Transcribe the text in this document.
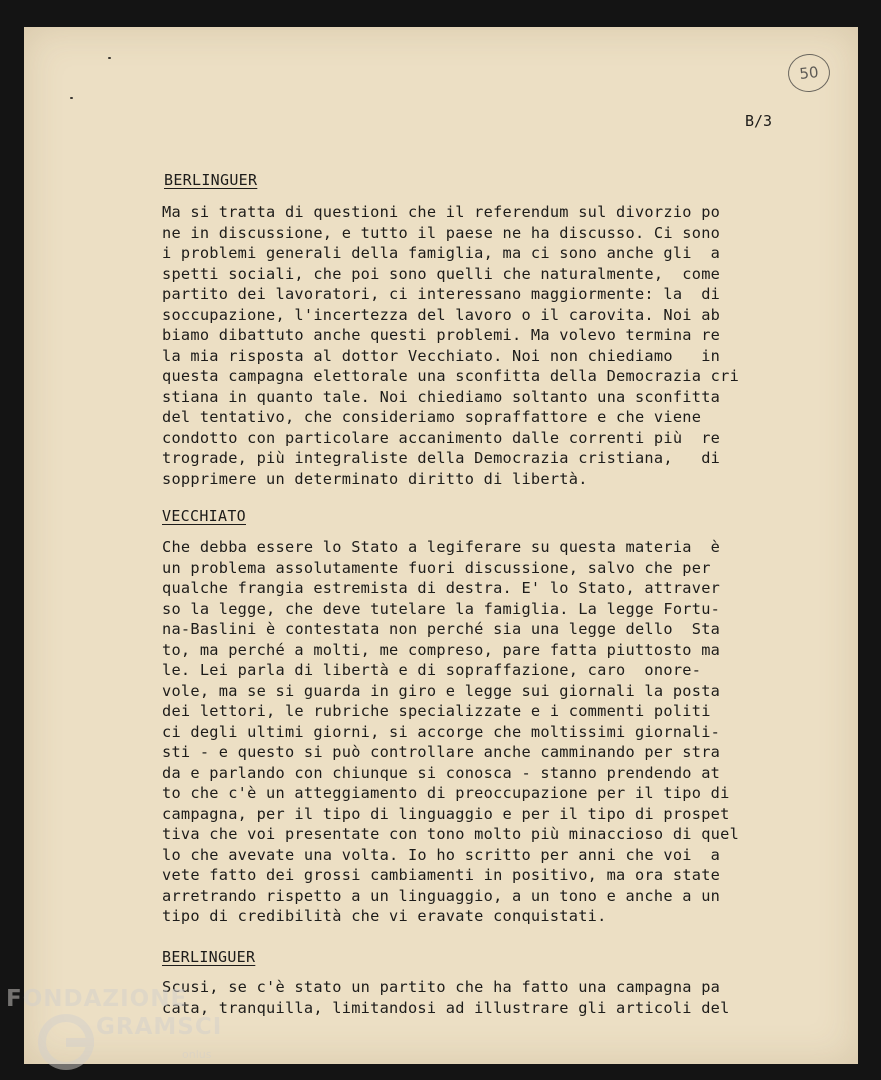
50
B/3
BERLINGUER
Ma si tratta di questioni che il referendum sul divorzio po
ne in discussione, e tutto il paese ne ha discusso. Ci sono
i problemi generali della famiglia, ma ci sono anche gli  a
spetti sociali, che poi sono quelli che naturalmente,  come
partito dei lavoratori, ci interessano maggiormente: la  di
soccupazione, l'incertezza del lavoro o il carovita. Noi ab
biamo dibattuto anche questi problemi. Ma volevo termina re
la mia risposta al dottor Vecchiato. Noi non chiediamo   in
questa campagna elettorale una sconfitta della Democrazia cri
stiana in quanto tale. Noi chiediamo soltanto una sconfitta
del tentativo, che consideriamo sopraffattore e che viene
condotto con particolare accanimento dalle correnti più  re
trograde, più integraliste della Democrazia cristiana,   di
sopprimere un determinato diritto di libertà.
VECCHIATO
Che debba essere lo Stato a legiferare su questa materia  è
un problema assolutamente fuori discussione, salvo che per
qualche frangia estremista di destra. E' lo Stato, attraver
so la legge, che deve tutelare la famiglia. La legge Fortu-
na-Baslini è contestata non perché sia una legge dello  Sta
to, ma perché a molti, me compreso, pare fatta piuttosto ma
le. Lei parla di libertà e di sopraffazione, caro  onore-
vole, ma se si guarda in giro e legge sui giornali la posta
dei lettori, le rubriche specializzate e i commenti politi
ci degli ultimi giorni, si accorge che moltissimi giornali-
sti - e questo si può controllare anche camminando per stra
da e parlando con chiunque si conosca - stanno prendendo at
to che c'è un atteggiamento di preoccupazione per il tipo di
campagna, per il tipo di linguaggio e per il tipo di prospet
tiva che voi presentate con tono molto più minaccioso di quel
lo che avevate una volta. Io ho scritto per anni che voi  a
vete fatto dei grossi cambiamenti in positivo, ma ora state
arretrando rispetto a un linguaggio, a un tono e anche a un
tipo di credibilità che vi eravate conquistati.
BERLINGUER
Scusi, se c'è stato un partito che ha fatto una campagna pa
cata, tranquilla, limitandosi ad illustrare gli articoli del
FONDAZIONE
GRAMSCI
onlus
